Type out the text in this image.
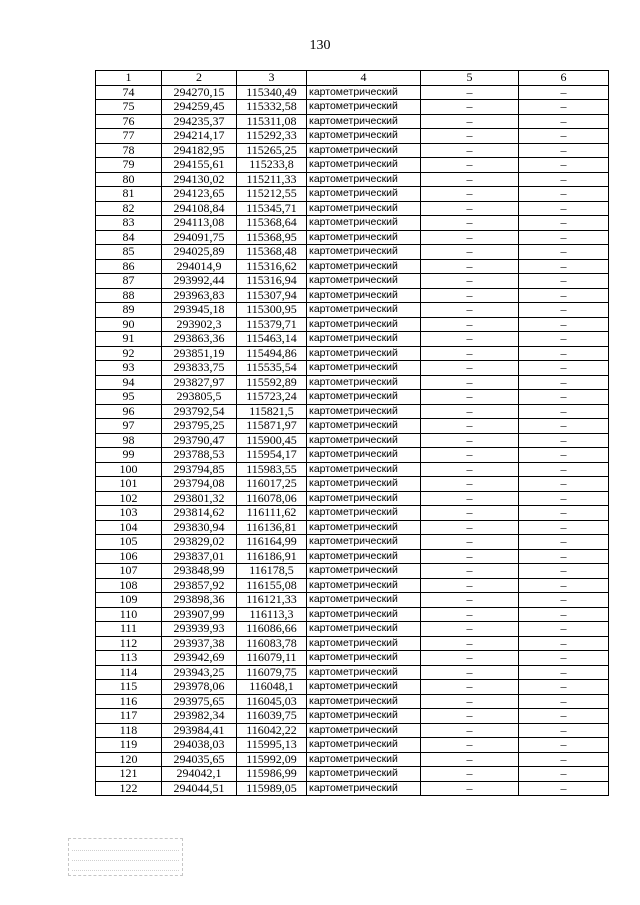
130
1	2	3	4	5	6
74	294270,15	115340,49	картометрический	–	–
75	294259,45	115332,58	картометрический	–	–
76	294235,37	115311,08	картометрический	–	–
77	294214,17	115292,33	картометрический	–	–
78	294182,95	115265,25	картометрический	–	–
79	294155,61	115233,8	картометрический	–	–
80	294130,02	115211,33	картометрический	–	–
81	294123,65	115212,55	картометрический	–	–
82	294108,84	115345,71	картометрический	–	–
83	294113,08	115368,64	картометрический	–	–
84	294091,75	115368,95	картометрический	–	–
85	294025,89	115368,48	картометрический	–	–
86	294014,9	115316,62	картометрический	–	–
87	293992,44	115316,94	картометрический	–	–
88	293963,83	115307,94	картометрический	–	–
89	293945,18	115300,95	картометрический	–	–
90	293902,3	115379,71	картометрический	–	–
91	293863,36	115463,14	картометрический	–	–
92	293851,19	115494,86	картометрический	–	–
93	293833,75	115535,54	картометрический	–	–
94	293827,97	115592,89	картометрический	–	–
95	293805,5	115723,24	картометрический	–	–
96	293792,54	115821,5	картометрический	–	–
97	293795,25	115871,97	картометрический	–	–
98	293790,47	115900,45	картометрический	–	–
99	293788,53	115954,17	картометрический	–	–
100	293794,85	115983,55	картометрический	–	–
101	293794,08	116017,25	картометрический	–	–
102	293801,32	116078,06	картометрический	–	–
103	293814,62	116111,62	картометрический	–	–
104	293830,94	116136,81	картометрический	–	–
105	293829,02	116164,99	картометрический	–	–
106	293837,01	116186,91	картометрический	–	–
107	293848,99	116178,5	картометрический	–	–
108	293857,92	116155,08	картометрический	–	–
109	293898,36	116121,33	картометрический	–	–
110	293907,99	116113,3	картометрический	–	–
111	293939,93	116086,66	картометрический	–	–
112	293937,38	116083,78	картометрический	–	–
113	293942,69	116079,11	картометрический	–	–
114	293943,25	116079,75	картометрический	–	–
115	293978,06	116048,1	картометрический	–	–
116	293975,65	116045,03	картометрический	–	–
117	293982,34	116039,75	картометрический	–	–
118	293984,41	116042,22	картометрический	–	–
119	294038,03	115995,13	картометрический	–	–
120	294035,65	115992,09	картометрический	–	–
121	294042,1	115986,99	картометрический	–	–
122	294044,51	115989,05	картометрический	–	–
